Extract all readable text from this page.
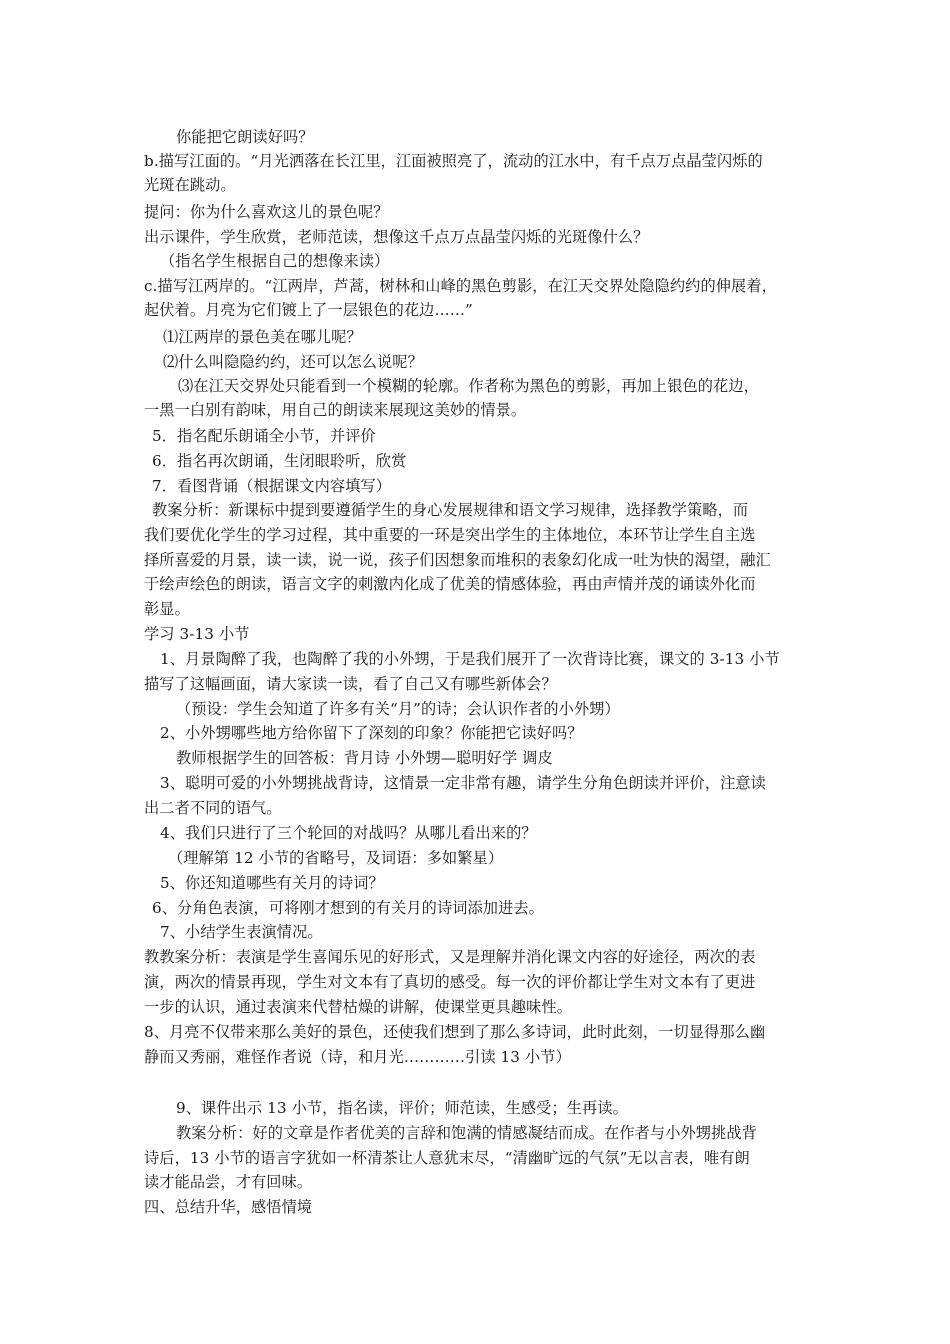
你能把它朗读好吗？
b.描写江面的。“月光洒落在长江里，江面被照亮了，流动的江水中，有千点万点晶莹闪烁的
光斑在跳动。
提问：你为什么喜欢这儿的景色呢？
出示课件，学生欣赏，老师范读，想像这千点万点晶莹闪烁的光斑像什么？
（指名学生根据自己的想像来读）
c.描写江两岸的。“江两岸，芦蒿，树林和山峰的黑色剪影，在江天交界处隐隐约约的伸展着，
起伏着。月亮为它们镀上了一层银色的花边……”
⑴江两岸的景色美在哪儿呢？
⑵什么叫隐隐约约，还可以怎么说呢？
⑶在江天交界处只能看到一个模糊的轮廓。作者称为黑色的剪影，再加上银色的花边，
一黑一白别有韵味，用自己的朗读来展现这美妙的情景。
5．指名配乐朗诵全小节，并评价
6．指名再次朗诵，生闭眼聆听，欣赏
7．看图背诵（根据课文内容填写）
教案分析：新课标中提到要遵循学生的身心发展规律和语文学习规律，选择教学策略，而
我们要优化学生的学习过程，其中重要的一环是突出学生的主体地位，本环节让学生自主选
择所喜爱的月景，读一读，说一说，孩子们因想象而堆积的表象幻化成一吐为快的渴望，融汇
于绘声绘色的朗读，语言文字的刺激内化成了优美的情感体验，再由声情并茂的诵读外化而
彰显。
学习 3-13 小节
1、月景陶醉了我，也陶醉了我的小外甥，于是我们展开了一次背诗比赛，课文的 3-13 小节
描写了这幅画面，请大家读一读，看了自己又有哪些新体会？
（预设：学生会知道了许多有关“月”的诗；会认识作者的小外甥）
2、小外甥哪些地方给你留下了深刻的印象？你能把它读好吗？
教师根据学生的回答板：背月诗 小外甥—聪明好学 调皮
3、聪明可爱的小外甥挑战背诗，这情景一定非常有趣，请学生分角色朗读并评价，注意读
出二者不同的语气。
4、我们只进行了三个轮回的对战吗？从哪儿看出来的？
（理解第 12 小节的省略号，及词语：多如繁星）
5、你还知道哪些有关月的诗词？
6、分角色表演，可将刚才想到的有关月的诗词添加进去。
7、小结学生表演情况。
教教案分析：表演是学生喜闻乐见的好形式，又是理解并消化课文内容的好途径，两次的表
演，两次的情景再现，学生对文本有了真切的感受。每一次的评价都让学生对文本有了更进
一步的认识，通过表演来代替枯燥的讲解，使课堂更具趣味性。
8、月亮不仅带来那么美好的景色，还使我们想到了那么多诗词，此时此刻，一切显得那么幽
静而又秀丽，难怪作者说（诗，和月光…………引读 13 小节）
9、课件出示 13 小节，指名读，评价；师范读，生感受；生再读。
教案分析：好的文章是作者优美的言辞和饱满的情感凝结而成。在作者与小外甥挑战背
诗后，13 小节的语言字犹如一杯清茶让人意犹末尽，“清幽旷远的气氛”无以言表，唯有朗
读才能品尝，才有回味。
四、总结升华，感悟情境
